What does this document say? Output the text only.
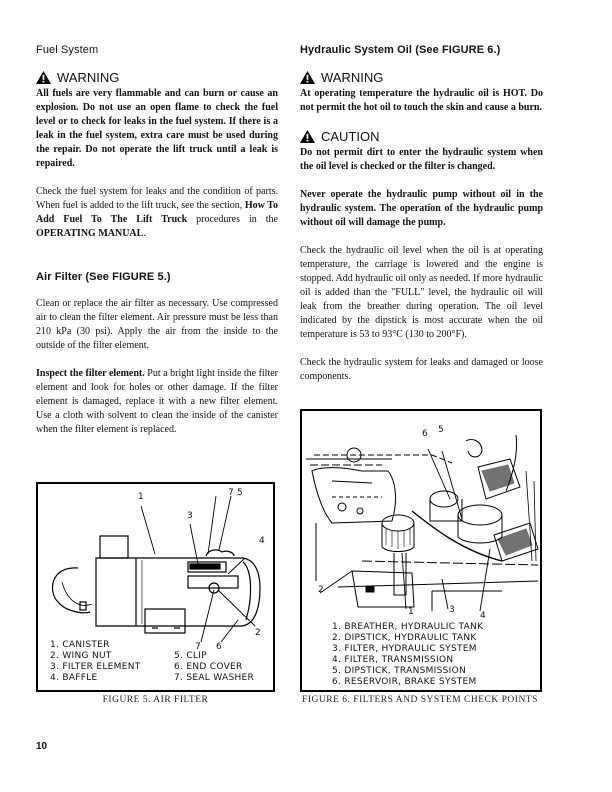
Fuel System
WARNING

All fuels are very flammable and can burn or cause an explosion. Do not use an open flame to check the fuel level or to check for leaks in the fuel system. If there is a leak in the fuel system, extra care must be used during the repair. Do not operate the lift truck until a leak is repaired.

Check the fuel system for leaks and the condition of parts. When fuel is added to the lift truck, see the section, How To Add Fuel To The Lift Truck procedures in the OPERATING MANUAL.

Air Filter (See FIGURE 5.)

Clean or replace the air filter as necessary. Use compressed air to clean the filter element. Air pressure must be less than 210 kPa (30 psi). Apply the air from the inside to the outside of the filter element.

Inspect the filter element. Put a bright light inside the filter element and look for holes or other damage. If the filter element is damaged, replace it with a new filter element. Use a cloth with solvent to clean the inside of the canister when the filter element is replaced.

1
2
3
4
5
6
7
7
1. CANISTER
2. WING NUT
3. FILTER ELEMENT
4. BAFFLE
5. CLIP
6. END COVER
7. SEAL WASHER
FIGURE 5. AIR FILTER
Hydraulic System Oil (See FIGURE 6.)
WARNING

At operating temperature the hydraulic oil is HOT. Do not permit the hot oil to touch the skin and cause a burn.

CAUTION

Do not permit dirt to enter the hydraulic system when the oil level is checked or the filter is changed.

Never operate the hydraulic pump without oil in the hydraulic system. The operation of the hydraulic pump without oil will damage the pump.

Check the hydraulic oil level when the oil is at operating temperature, the carriage is lowered and the engine is stopped. Add hydraulic oil only as needed. If more hydraulic oil is added than the "FULL" level, the hydraulic oil will leak from the breather during operation. The oil level indicated by the dipstick is most accurate when the oil temperature is 53 to 93°C (130 to 200°F).

Check the hydraulic system for leaks and damaged or loose components.

1
2
3
4
5
6
1. BREATHER, HYDRAULIC TANK
2. DIPSTICK, HYDRAULIC TANK
3. FILTER, HYDRAULIC SYSTEM
4. FILTER, TRANSMISSION
5. DIPSTICK, TRANSMISSION
6. RESERVOIR, BRAKE SYSTEM
FIGURE 6. FILTERS AND SYSTEM CHECK POINTS
10
